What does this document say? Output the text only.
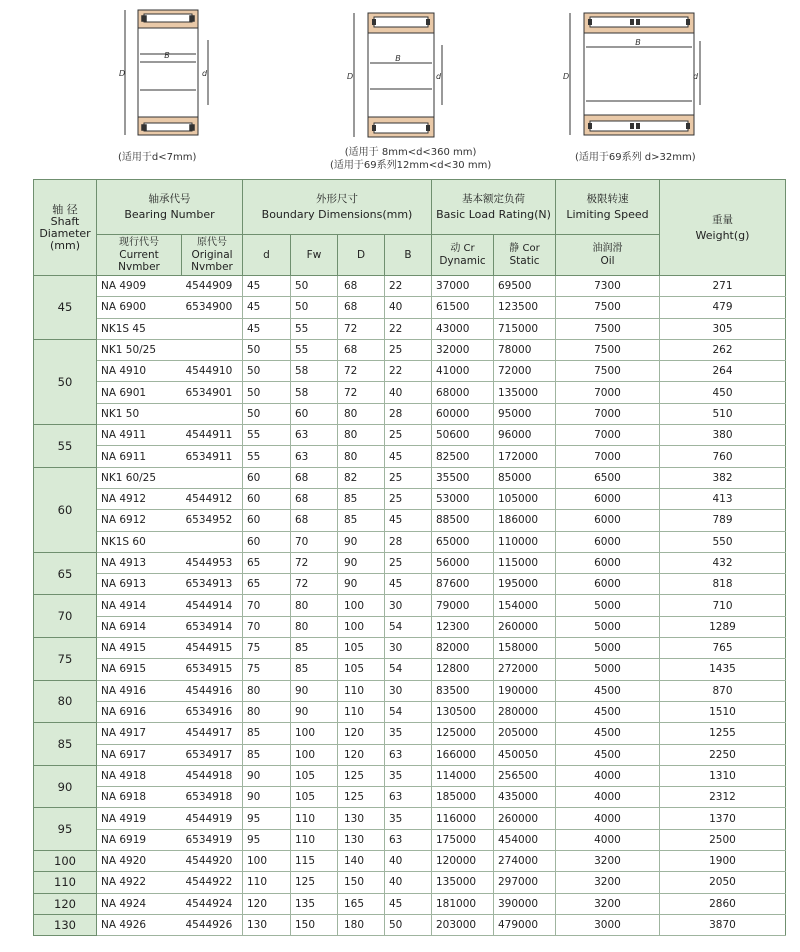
B
D	d
(适用于d<7mm)
B
D	d
(适用于 8mm<d<360 mm)
(适用于69系列12mm<d<30 mm)
B
D	d
(适用于69系列 d>32mm)
轴 径
Shaft
Diameter
(mm)	轴承代号
Bearing Number		外形尺寸
Boundary Dimensions(mm)				基本额定负荷
Basic Load Rating(N)		极限转速
Limiting Speed	重量
Weight(g)

	现行代号
Current
Nvmber	原代号
Original
Nvmber	d	Fw	D	B	动 Cr
Dynamic	静 Cor
Static	油润滑
Oil	

45	NA 4909	4544909	45	50	68	22	37000	69500	7300	271
	NA 6900	6534900	45	50	68	40	61500	123500	7500	479
	NK1S 45		45	55	72	22	43000	715000	7500	305
50	NK1 50/25		50	55	68	25	32000	78000	7500	262
	NA 4910	4544910	50	58	72	22	41000	72000	7500	264
	NA 6901	6534901	50	58	72	40	68000	135000	7000	450
	NK1 50		50	60	80	28	60000	95000	7000	510
55	NA 4911	4544911	55	63	80	25	50600	96000	7000	380
	NA 6911	6534911	55	63	80	45	82500	172000	7000	760
60	NK1 60/25		60	68	82	25	35500	85000	6500	382
	NA 4912	4544912	60	68	85	25	53000	105000	6000	413
	NA 6912	6534952	60	68	85	45	88500	186000	6000	789
	NK1S 60		60	70	90	28	65000	110000	6000	550
65	NA 4913	4544953	65	72	90	25	56000	115000	6000	432
	NA 6913	6534913	65	72	90	45	87600	195000	6000	818
70	NA 4914	4544914	70	80	100	30	79000	154000	5000	710
	NA 6914	6534914	70	80	100	54	12300	260000	5000	1289
75	NA 4915	4544915	75	85	105	30	82000	158000	5000	765
	NA 6915	6534915	75	85	105	54	12800	272000	5000	1435
80	NA 4916	4544916	80	90	110	30	83500	190000	4500	870
	NA 6916	6534916	80	90	110	54	130500	280000	4500	1510
85	NA 4917	4544917	85	100	120	35	125000	205000	4500	1255
	NA 6917	6534917	85	100	120	63	166000	450050	4500	2250
90	NA 4918	4544918	90	105	125	35	114000	256500	4000	1310
	NA 6918	6534918	90	105	125	63	185000	435000	4000	2312
95	NA 4919	4544919	95	110	130	35	116000	260000	4000	1370
	NA 6919	6534919	95	110	130	63	175000	454000	4000	2500
100	NA 4920	4544920	100	115	140	40	120000	274000	3200	1900
110	NA 4922	4544922	110	125	150	40	135000	297000	3200	2050
120	NA 4924	4544924	120	135	165	45	181000	390000	3200	2860
130	NA 4926	4544926	130	150	180	50	203000	479000	3000	3870
